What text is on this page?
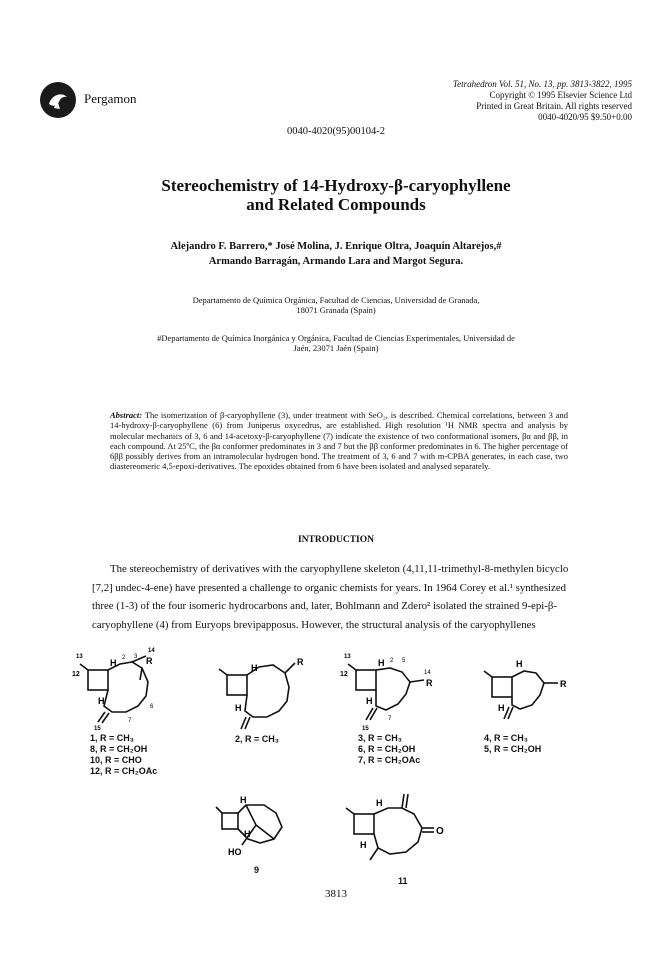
Pergamon
Tetrahedron Vol. 51, No. 13, pp. 3813-3822, 1995
Copyright © 1995 Elsevier Science Ltd
Printed in Great Britain. All rights reserved
0040-4020/95 $9.50+0.00
0040-4020(95)00104-2
Stereochemistry of 14-Hydroxy-β-caryophyllene
and Related Compounds
Alejandro F. Barrero,* José Molina, J. Enrique Oltra, Joaquín Altarejos,#
Armando Barragán, Armando Lara and Margot Segura.
Departamento de Química Orgánica, Facultad de Ciencias, Universidad de Granada,
18071 Granada (Spain)
#Departamento de Química Inorgánica y Orgánica, Facultad de Ciencias Experimentales, Universidad de
Jaén, 23071 Jaén (Spain)
Abstract: The isomerization of β-caryophyllene (3), under treatment with SeO₂, is described. Chemical correlations, between 3 and 14-hydroxy-β-caryophyllene (6) from Juniperus oxycedrus, are established. High resolution ¹H NMR spectra and analysis by molecular mechanics of 3, 6 and 14-acetoxy-β-caryophyllene (7) indicate the existence of two conformational isomers, βα and ββ, in each compound. At 25ºC, the βα conformer predominates in 3 and 7 but the ββ conformer predominates in 6. The higher percentage of 6ββ possibly derives from an intramolecular hydrogen bond. The treatment of 3, 6 and 7 with m-CPBA generates, in each case, two diastereomeric 4,5-epoxi-derivatives. The epoxides obtained from 6 have been isolated and analysed separately.
INTRODUCTION
The stereochemistry of derivatives with the caryophyllene skeleton (4,11,11-trimethyl-8-methylen bicyclo
[7,2] undec-4-ene) have presented a challenge to organic chemists for years. In 1964 Corey et al.¹ synthesized
three (1-3) of the four isomeric hydrocarbons and, later, Bohlmann and Zdero² isolated the strained 9-epi-β-
caryophyllene (4) from Euryops brevipapposus. However, the structural analysis of the caryophyllenes
13
12
H 2 3
14
R
H
7
6
15
1, R = CH₃
8, R = CH₂OH
10, R = CHO
12, R = CH₂OAc
H
R
H
2, R = CH₃
13
12
H 2 5
14
R
H
7
15
3, R = CH₃
6, R = CH₂OH
7, R = CH₂OAc
H
R
H
4, R = CH₃
5, R = CH₂OH
H
H
HO
9
H
O
H
11
3813
